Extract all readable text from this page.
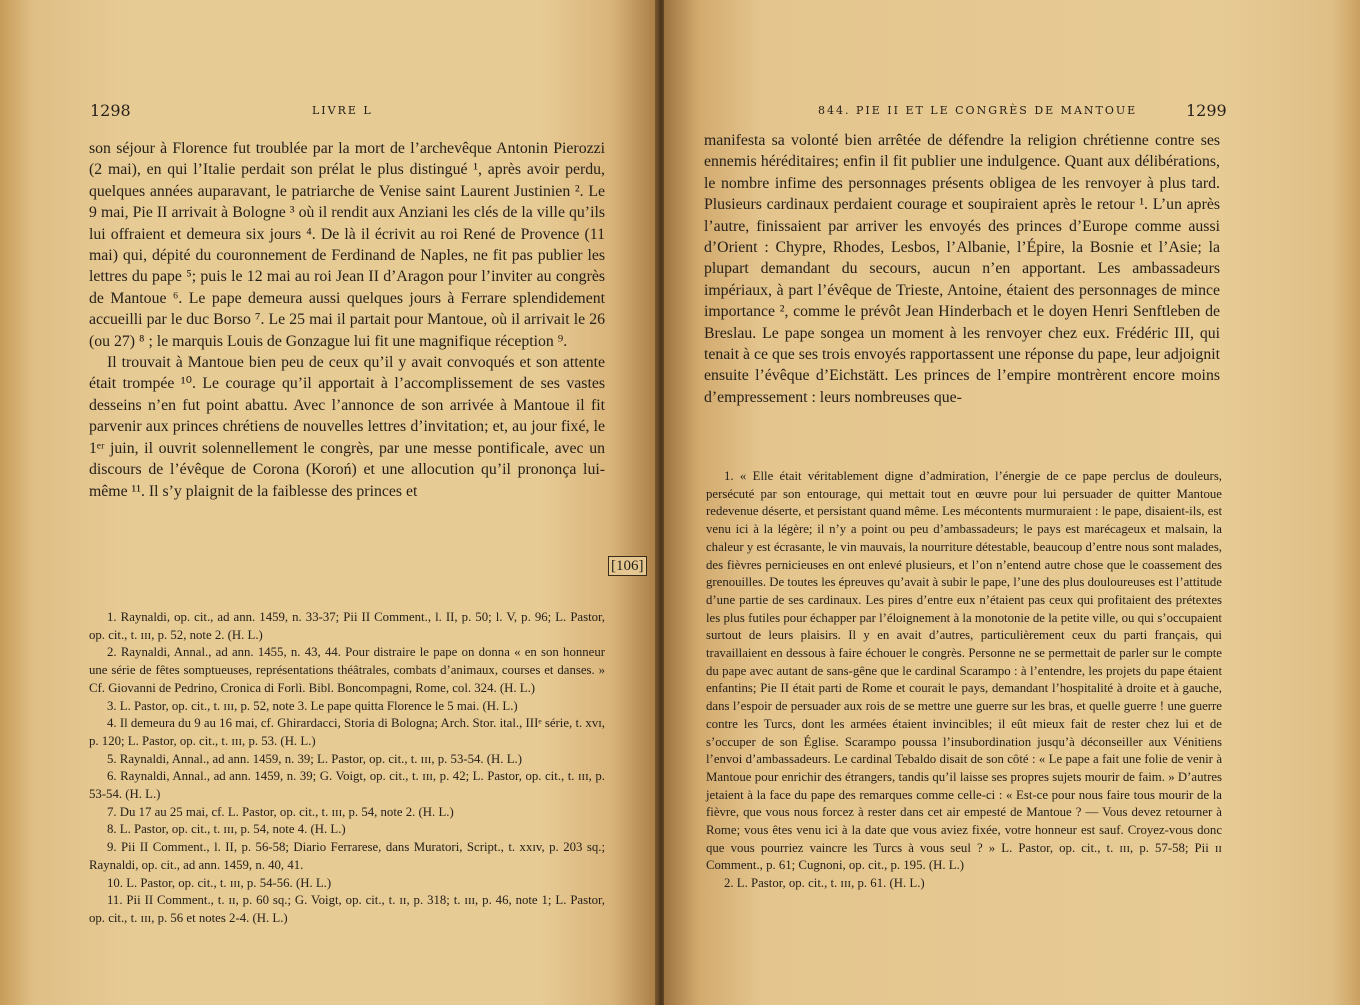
1298	LIVRE L

son séjour à Florence fut troublée par la mort de l’archevêque Antonin Pierozzi (2 mai), en qui l’Italie perdait son prélat le plus distingué ¹, après avoir perdu, quelques années auparavant, le patriarche de Venise saint Laurent Justinien ². Le 9 mai, Pie II arrivait à Bologne ³ où il rendit aux Anziani les clés de la ville qu’ils lui offraient et demeura six jours ⁴. De là il écrivit au roi René de Provence (11 mai) qui, dépité du couronnement de Ferdinand de Naples, ne fit pas publier les lettres du pape ⁵; puis le 12 mai au roi Jean II d’Aragon pour l’inviter au congrès de Mantoue ⁶. Le pape demeura aussi quelques jours à Ferrare splendidement accueilli par le duc Borso ⁷. Le 25 mai il partait pour Mantoue, où il arrivait le 26 (ou 27) ⁸ ; le marquis Louis de Gonzague lui fit une magnifique réception ⁹.

Il trouvait à Mantoue bien peu de ceux qu’il y avait convoqués et son attente était trompée ¹⁰. Le courage qu’il apportait à l’accomplissement de ses vastes desseins n’en fut point abattu. Avec l’annonce de son arrivée à Mantoue il fit parvenir aux princes chrétiens de nouvelles lettres d’invitation; et, au jour fixé, le 1ᵉʳ juin, il ouvrit solennellement le congrès, par une messe pontificale, avec un discours de l’évêque de Corona (Koroń) et une allocution qu’il prononça lui-même ¹¹. Il s’y plaignit de la faiblesse des princes et

1. Raynaldi, op. cit., ad ann. 1459, n. 33-37; Pii II Comment., l. II, p. 50; l. V, p. 96; L. Pastor, op. cit., t. ɪɪɪ, p. 52, note 2. (H. L.)

2. Raynaldi, Annal., ad ann. 1455, n. 43, 44. Pour distraire le pape on donna « en son honneur une série de fêtes somptueuses, représentations théâtrales, combats d’animaux, courses et danses. » Cf. Giovanni de Pedrino, Cronica di Forlì. Bibl. Boncompagni, Rome, col. 324. (H. L.)

3. L. Pastor, op. cit., t. ɪɪɪ, p. 52, note 3. Le pape quitta Florence le 5 mai. (H. L.)

4. Il demeura du 9 au 16 mai, cf. Ghirardacci, Storia di Bologna; Arch. Stor. ital., IIIᵉ série, t. xvɪ, p. 120; L. Pastor, op. cit., t. ɪɪɪ, p. 53. (H. L.)

5. Raynaldi, Annal., ad ann. 1459, n. 39; L. Pastor, op. cit., t. ɪɪɪ, p. 53-54. (H. L.)

6. Raynaldi, Annal., ad ann. 1459, n. 39; G. Voigt, op. cit., t. ɪɪɪ, p. 42; L. Pastor, op. cit., t. ɪɪɪ, p. 53-54. (H. L.)

7. Du 17 au 25 mai, cf. L. Pastor, op. cit., t. ɪɪɪ, p. 54, note 2. (H. L.)

8. L. Pastor, op. cit., t. ɪɪɪ, p. 54, note 4. (H. L.)

9. Pii II Comment., l. II, p. 56-58; Diario Ferrarese, dans Muratori, Script., t. xxɪv, p. 203 sq.; Raynaldi, op. cit., ad ann. 1459, n. 40, 41.

10. L. Pastor, op. cit., t. ɪɪɪ, p. 54-56. (H. L.)

11. Pii II Comment., t. ɪɪ, p. 60 sq.; G. Voigt, op. cit., t. ɪɪ, p. 318; t. ɪɪɪ, p. 46, note 1; L. Pastor, op. cit., t. ɪɪɪ, p. 56 et notes 2-4. (H. L.)

[106]
844. PIE II ET LE CONGRÈS DE MANTOUE	1299

manifesta sa volonté bien arrêtée de défendre la religion chrétienne contre ses ennemis héréditaires; enfin il fit publier une indulgence. Quant aux délibérations, le nombre infime des personnages présents obligea de les renvoyer à plus tard. Plusieurs cardinaux perdaient courage et soupiraient après le retour ¹. L’un après l’autre, finissaient par arriver les envoyés des princes d’Europe comme aussi d’Orient : Chypre, Rhodes, Lesbos, l’Albanie, l’Épire, la Bosnie et l’Asie; la plupart demandant du secours, aucun n’en apportant. Les ambassadeurs impériaux, à part l’évêque de Trieste, Antoine, étaient des personnages de mince importance ², comme le prévôt Jean Hinderbach et le doyen Henri Senftleben de Breslau. Le pape songea un moment à les renvoyer chez eux. Frédéric III, qui tenait à ce que ses trois envoyés rapportassent une réponse du pape, leur adjoignit ensuite l’évêque d’Eichstätt. Les princes de l’empire montrèrent encore moins d’empressement : leurs nombreuses que-

1. « Elle était véritablement digne d’admiration, l’énergie de ce pape perclus de douleurs, persécuté par son entourage, qui mettait tout en œuvre pour lui persuader de quitter Mantoue redevenue déserte, et persistant quand même. Les mécontents murmuraient : le pape, disaient-ils, est venu ici à la légère; il n’y a point ou peu d’ambassadeurs; le pays est marécageux et malsain, la chaleur y est écrasante, le vin mauvais, la nourriture détestable, beaucoup d’entre nous sont malades, des fièvres pernicieuses en ont enlevé plusieurs, et l’on n’entend autre chose que le coassement des grenouilles. De toutes les épreuves qu’avait à subir le pape, l’une des plus douloureuses est l’attitude d’une partie de ses cardinaux. Les pires d’entre eux n’étaient pas ceux qui profitaient des prétextes les plus futiles pour échapper par l’éloignement à la monotonie de la petite ville, ou qui s’occupaient surtout de leurs plaisirs. Il y en avait d’autres, particulièrement ceux du parti français, qui travaillaient en dessous à faire échouer le congrès. Personne ne se permettait de parler sur le compte du pape avec autant de sans-gêne que le cardinal Scarampo : à l’entendre, les projets du pape étaient enfantins; Pie II était parti de Rome et courait le pays, demandant l’hospitalité à droite et à gauche, dans l’espoir de persuader aux rois de se mettre une guerre sur les bras, et quelle guerre ! une guerre contre les Turcs, dont les armées étaient invincibles; il eût mieux fait de rester chez lui et de s’occuper de son Église. Scarampo poussa l’insubordination jusqu’à déconseiller aux Vénitiens l’envoi d’ambassadeurs. Le cardinal Tebaldo disait de son côté : « Le pape a fait une folie de venir à Mantoue pour enrichir des étrangers, tandis qu’il laisse ses propres sujets mourir de faim. » D’autres jetaient à la face du pape des remarques comme celle-ci : « Est-ce pour nous faire tous mourir de la fièvre, que vous nous forcez à rester dans cet air empesté de Mantoue ? — Vous devez retourner à Rome; vous êtes venu ici à la date que vous aviez fixée, votre honneur est sauf. Croyez-vous donc que vous pourriez vaincre les Turcs à vous seul ? » L. Pastor, op. cit., t. ɪɪɪ, p. 57-58; Pii ɪɪ Comment., p. 61; Cugnoni, op. cit., p. 195. (H. L.)

2. L. Pastor, op. cit., t. ɪɪɪ, p. 61. (H. L.)
